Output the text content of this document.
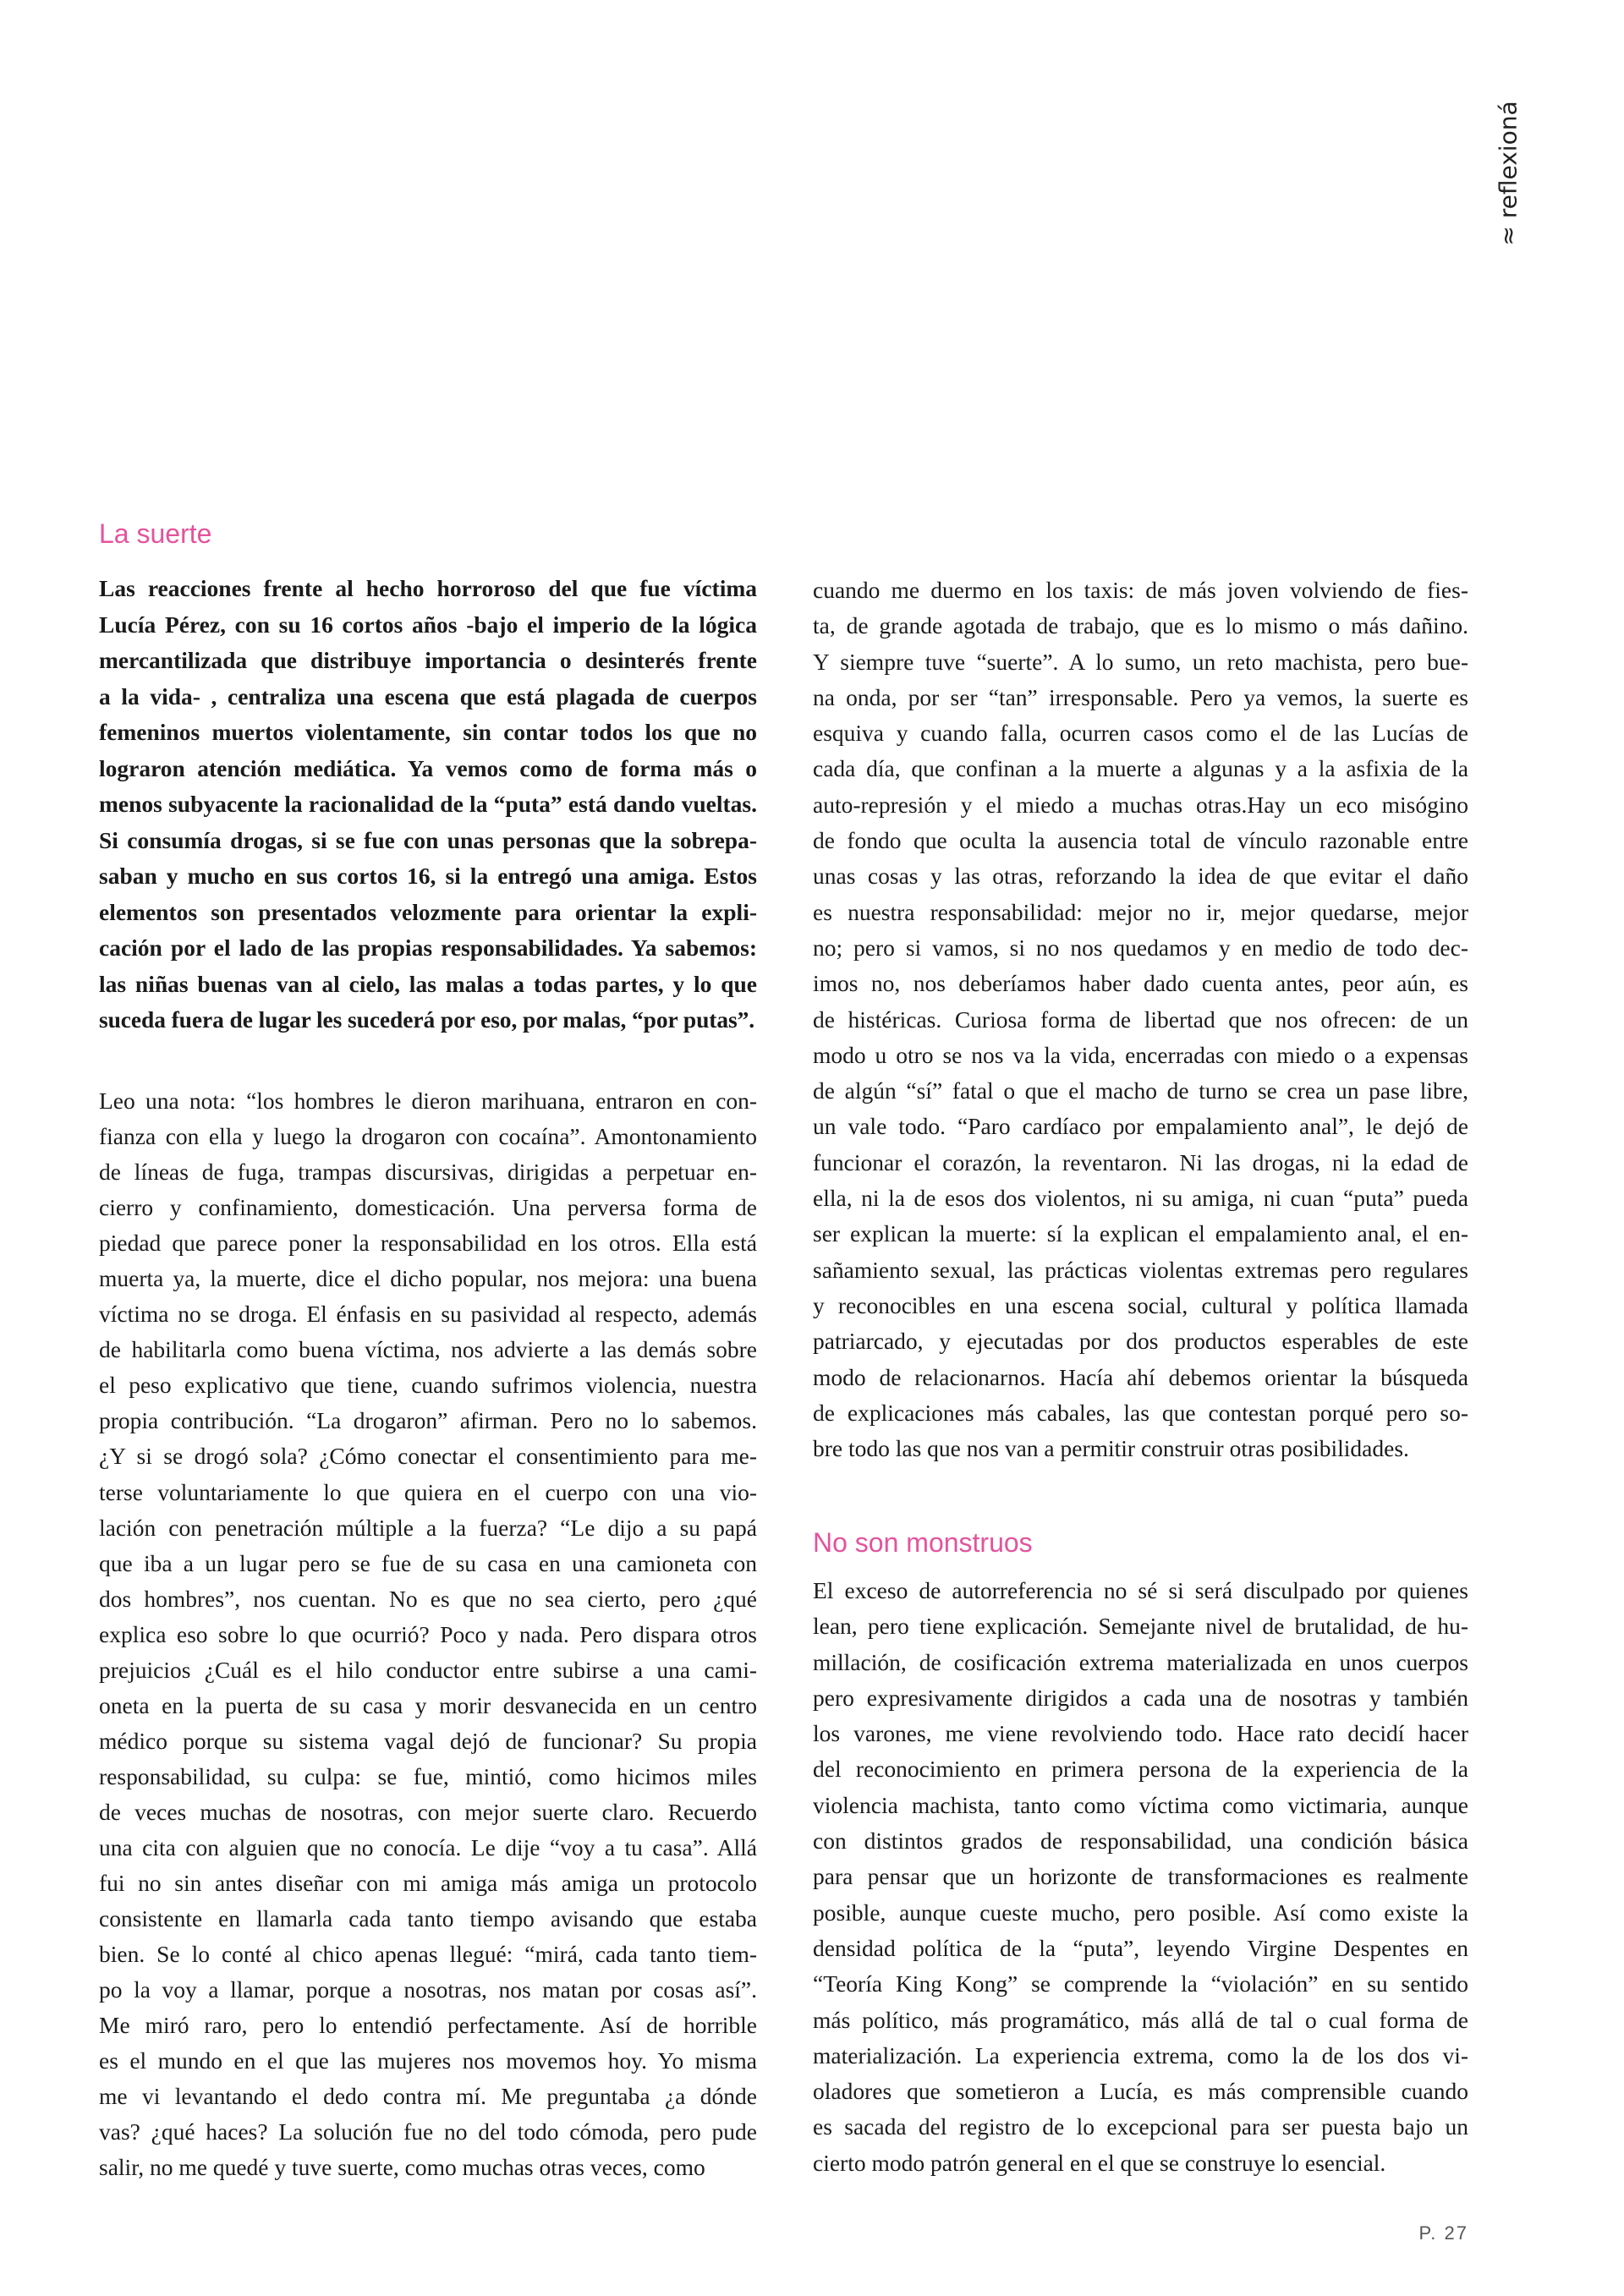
≈ reflexioná
La suerte
Las reacciones frente al hecho horroroso del que fue víctima
Lucía Pérez, con su 16 cortos años -bajo el imperio de la lógica
mercantilizada que distribuye importancia o desinterés frente
a la vida- , centraliza una escena que está plagada de cuerpos
femeninos muertos violentamente, sin contar todos los que no
lograron atención mediática. Ya vemos como de forma más o
menos subyacente la racionalidad de la “puta” está dando vueltas.
Si consumía drogas, si se fue con unas personas que la sobrepa-
saban y mucho en sus cortos 16, si la entregó una amiga. Estos
elementos son presentados velozmente para orientar la expli-
cación por el lado de las propias responsabilidades. Ya sabemos:
las niñas buenas van al cielo, las malas a todas partes, y lo que
suceda fuera de lugar les sucederá por eso, por malas, “por putas”.
Leo una nota: “los hombres le dieron marihuana, entraron en con-
fianza con ella y luego la drogaron con cocaína”. Amontonamiento
de líneas de fuga, trampas discursivas, dirigidas a perpetuar en-
cierro y confinamiento, domesticación. Una perversa forma de
piedad que parece poner la responsabilidad en los otros. Ella está
muerta ya, la muerte, dice el dicho popular, nos mejora: una buena
víctima no se droga. El énfasis en su pasividad al respecto, además
de habilitarla como buena víctima, nos advierte a las demás sobre
el peso explicativo que tiene, cuando sufrimos violencia, nuestra
propia contribución. “La drogaron” afirman. Pero no lo sabemos.
¿Y si se drogó sola? ¿Cómo conectar el consentimiento para me-
terse voluntariamente lo que quiera en el cuerpo con una vio-
lación con penetración múltiple a la fuerza? “Le dijo a su papá
que iba a un lugar pero se fue de su casa en una camioneta con
dos hombres”, nos cuentan. No es que no sea cierto, pero ¿qué
explica eso sobre lo que ocurrió? Poco y nada. Pero dispara otros
prejuicios ¿Cuál es el hilo conductor entre subirse a una cami-
oneta en la puerta de su casa y morir desvanecida en un centro
médico porque su sistema vagal dejó de funcionar? Su propia
responsabilidad, su culpa: se fue, mintió, como hicimos miles
de veces muchas de nosotras, con mejor suerte claro. Recuerdo
una cita con alguien que no conocía. Le dije “voy a tu casa”. Allá
fui no sin antes diseñar con mi amiga más amiga un protocolo
consistente en llamarla cada tanto tiempo avisando que estaba
bien. Se lo conté al chico apenas llegué: “mirá, cada tanto tiem-
po la voy a llamar, porque a nosotras, nos matan por cosas así”.
Me miró raro, pero lo entendió perfectamente. Así de horrible
es el mundo en el que las mujeres nos movemos hoy. Yo misma
me vi levantando el dedo contra mí. Me preguntaba ¿a dónde
vas? ¿qué haces? La solución fue no del todo cómoda, pero pude
salir, no me quedé y tuve suerte, como muchas otras veces, como
cuando me duermo en los taxis: de más joven volviendo de fies-
ta, de grande agotada de trabajo, que es lo mismo o más dañino.
Y siempre tuve “suerte”. A lo sumo, un reto machista, pero bue-
na onda, por ser “tan” irresponsable. Pero ya vemos, la suerte es
esquiva y cuando falla, ocurren casos como el de las Lucías de
cada día, que confinan a la muerte a algunas y a la asfixia de la
auto-represión y el miedo a muchas otras.Hay un eco misógino
de fondo que oculta la ausencia total de vínculo razonable entre
unas cosas y las otras, reforzando la idea de que evitar el daño
es nuestra responsabilidad: mejor no ir, mejor quedarse, mejor
no; pero si vamos, si no nos quedamos y en medio de todo dec-
imos no, nos deberíamos haber dado cuenta antes, peor aún, es
de histéricas. Curiosa forma de libertad que nos ofrecen: de un
modo u otro se nos va la vida, encerradas con miedo o a expensas
de algún “sí” fatal o que el macho de turno se crea un pase libre,
un vale todo. “Paro cardíaco por empalamiento anal”, le dejó de
funcionar el corazón, la reventaron. Ni las drogas, ni la edad de
ella, ni la de esos dos violentos, ni su amiga, ni cuan “puta” pueda
ser explican la muerte: sí la explican el empalamiento anal, el en-
sañamiento sexual, las prácticas violentas extremas pero regulares
y reconocibles en una escena social, cultural y política llamada
patriarcado, y ejecutadas por dos productos esperables de este
modo de relacionarnos. Hacía ahí debemos orientar la búsqueda
de explicaciones más cabales, las que contestan porqué pero so-
bre todo las que nos van a permitir construir otras posibilidades.
No son monstruos
El exceso de autorreferencia no sé si será disculpado por quienes
lean, pero tiene explicación. Semejante nivel de brutalidad, de hu-
millación, de cosificación extrema materializada en unos cuerpos
pero expresivamente dirigidos a cada una de nosotras y también
los varones, me viene revolviendo todo. Hace rato decidí hacer
del reconocimiento en primera persona de la experiencia de la
violencia machista, tanto como víctima como victimaria, aunque
con distintos grados de responsabilidad, una condición básica
para pensar que un horizonte de transformaciones es realmente
posible, aunque cueste mucho, pero posible. Así como existe la
densidad política de la “puta”, leyendo Virgine Despentes en
“Teoría King Kong” se comprende la “violación” en su sentido
más político, más programático, más allá de tal o cual forma de
materialización. La experiencia extrema, como la de los dos vi-
oladores que sometieron a Lucía, es más comprensible cuando
es sacada del registro de lo excepcional para ser puesta bajo un
cierto modo patrón general en el que se construye lo esencial.
P. 27
